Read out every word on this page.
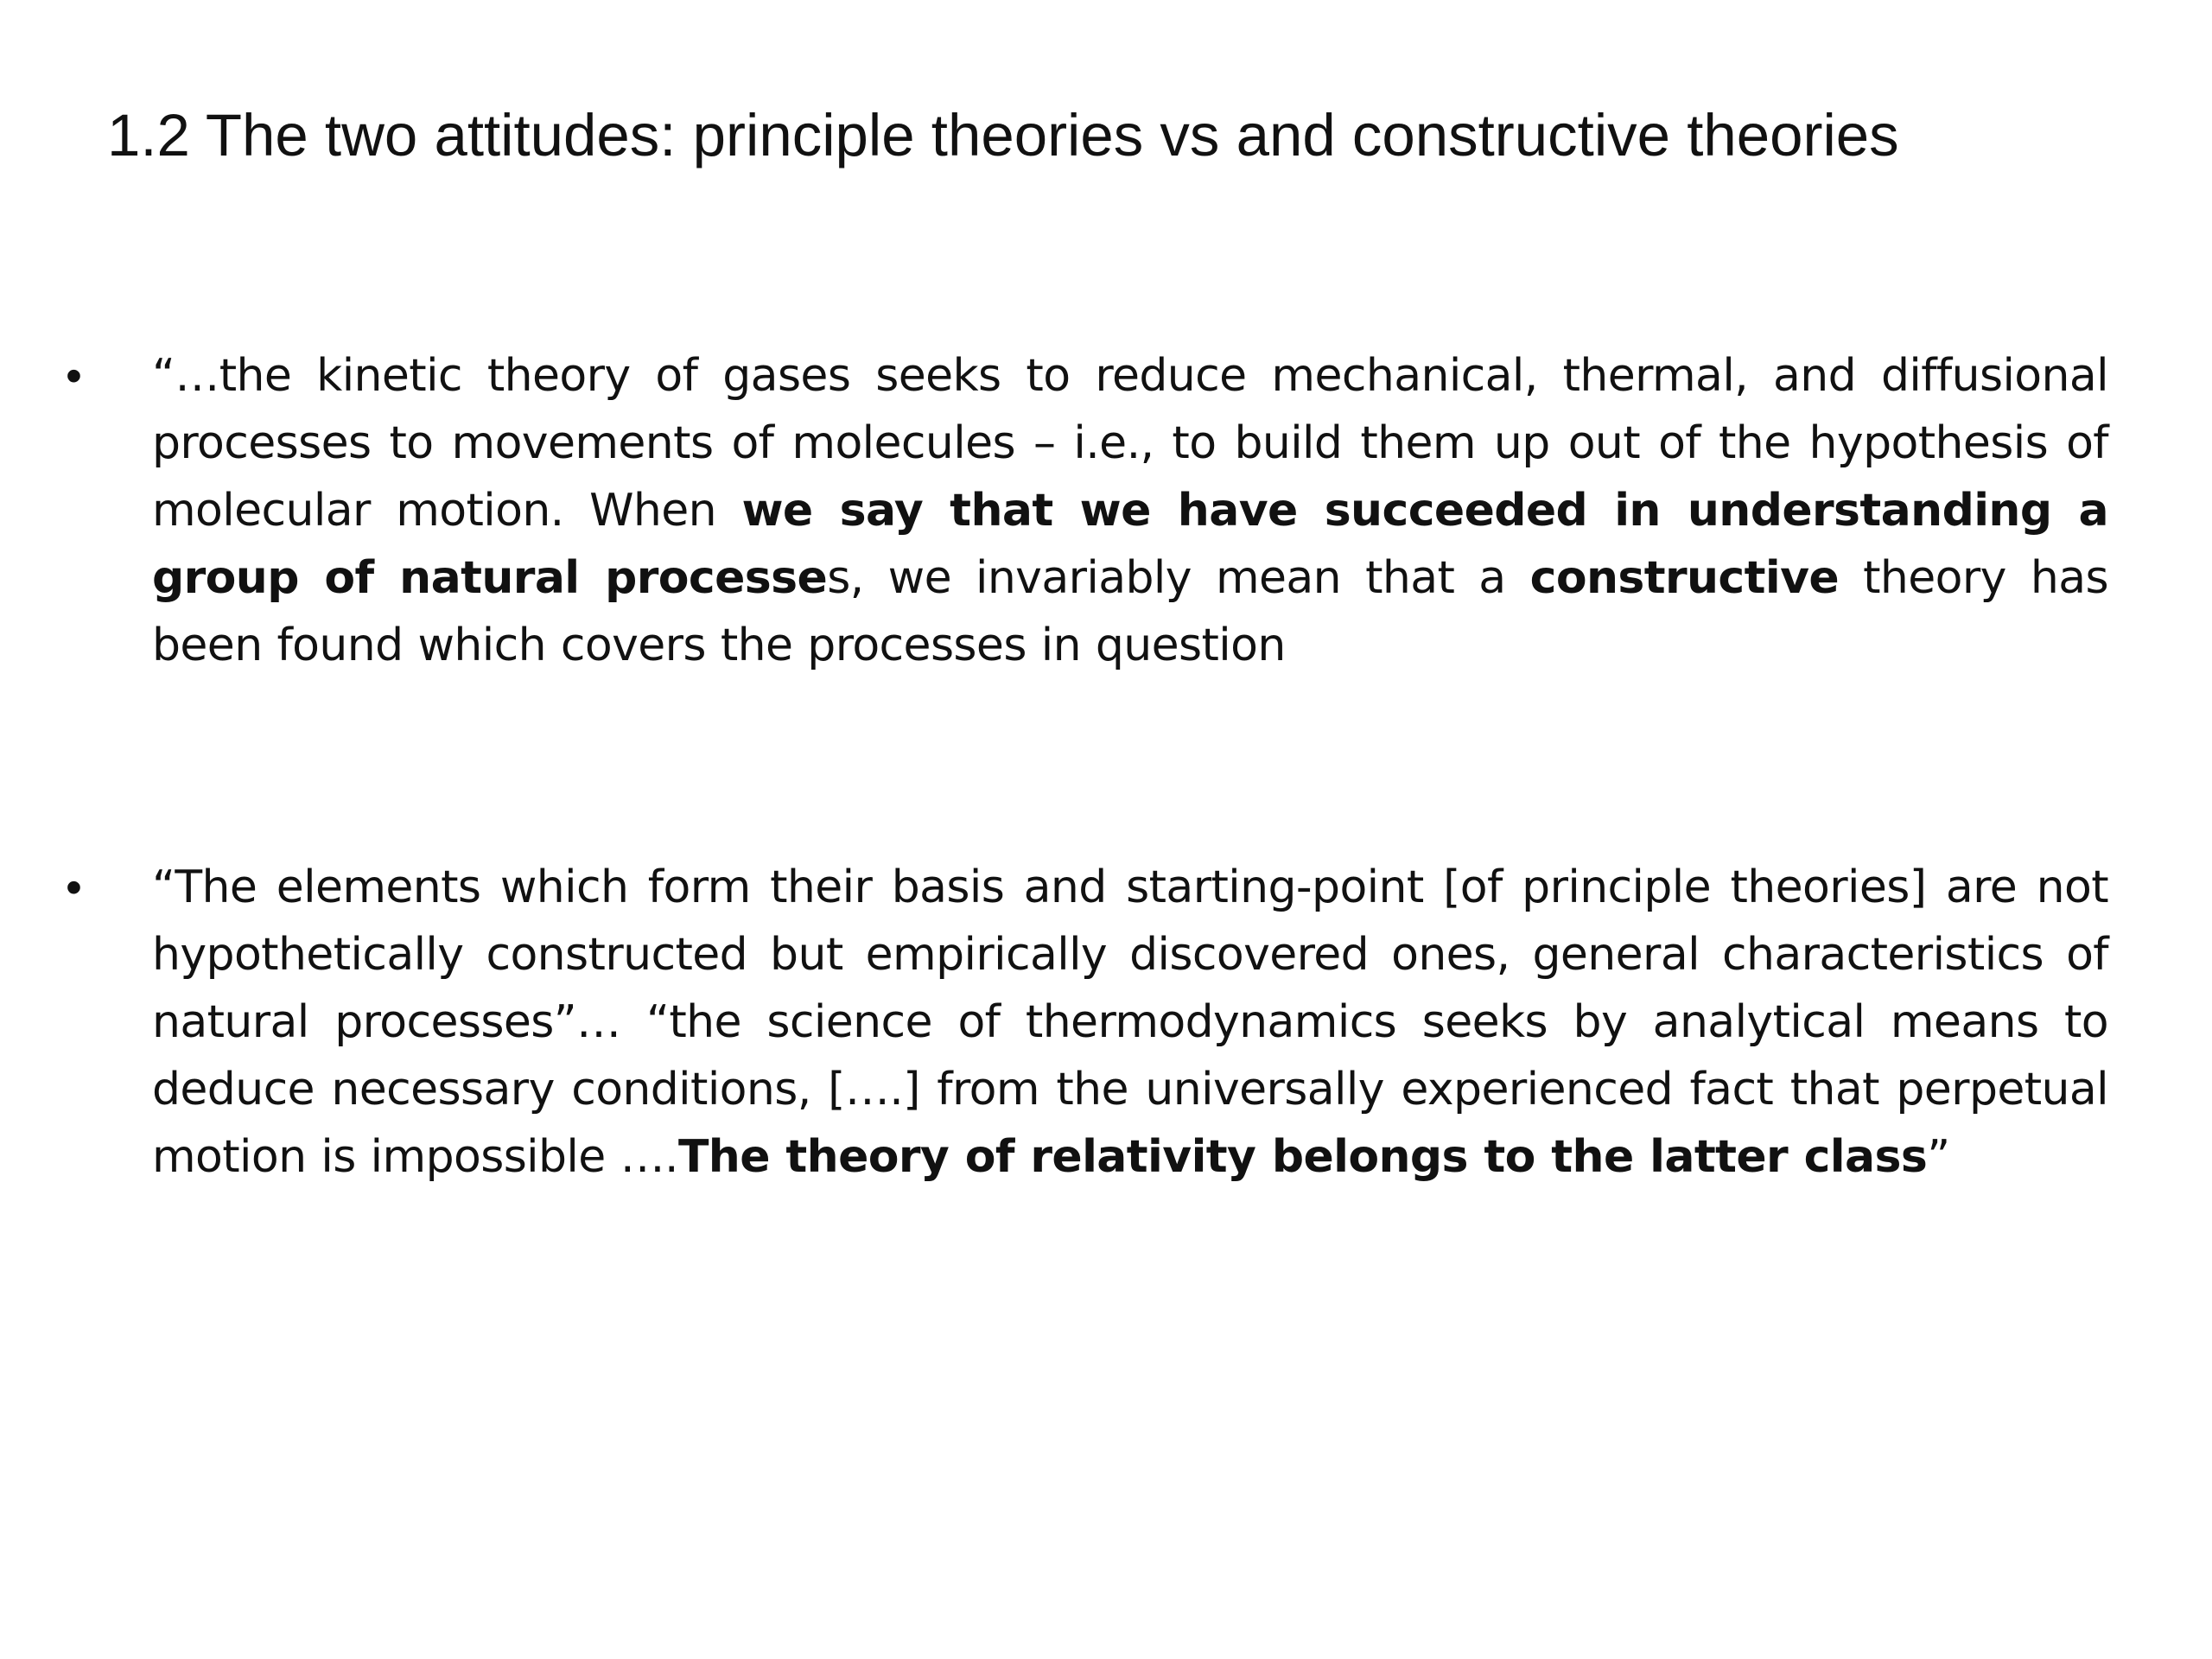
1.2 The two attitudes: principle theories vs and constructive theories
• “…the kinetic theory of gases seeks to reduce mechanical, thermal, and diffusional processes to movements of molecules – i.e., to build them up out of the hypothesis of molecular motion. When we say that we have succeeded in understanding a group of natural processes, we invariably mean that a constructive theory has been found which covers the processes in question

• “The elements which form their basis and starting-point [of principle theories] are not hypothetically constructed but empirically discovered ones, general characteristics of natural processes”… “the science of thermodynamics seeks by analytical means to deduce necessary conditions, [….] from the universally experienced fact that perpetual motion is impossible ….The theory of relativity belongs to the latter class”
